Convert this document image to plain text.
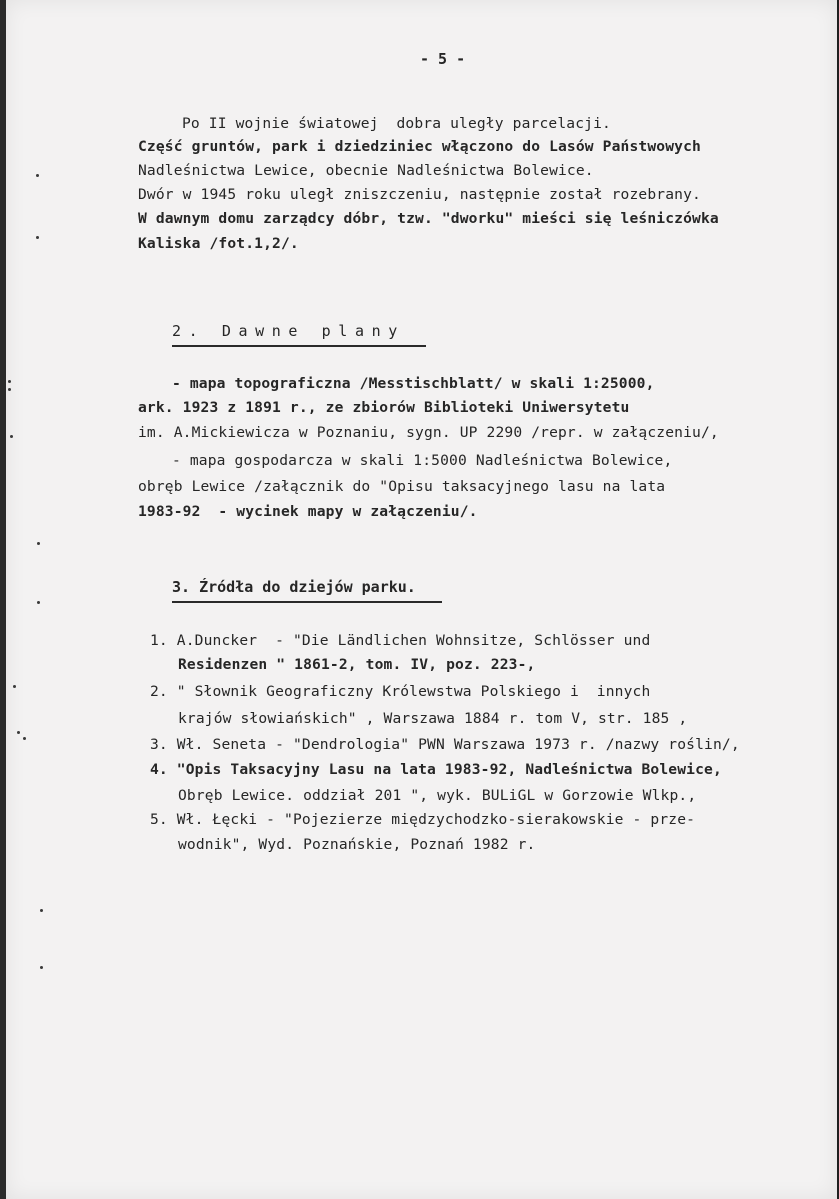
- 5 -
Po II wojnie światowej  dobra uległy parcelacji.
Część gruntów, park i dziedziniec włączono do Lasów Państwowych
Nadleśnictwa Lewice, obecnie Nadleśnictwa Bolewice.
Dwór w 1945 roku uległ zniszczeniu, następnie został rozebrany.
W dawnym domu zarządcy dóbr, tzw. "dworku" mieści się leśniczówka
Kaliska /fot.1,2/.
2. Dawne plany
- mapa topograficzna /Messtischblatt/ w skali 1:25000,
ark. 1923 z 1891 r., ze zbiorów Biblioteki Uniwersytetu
im. A.Mickiewicza w Poznaniu, sygn. UP 2290 /repr. w załączeniu/,
- mapa gospodarcza w skali 1:5000 Nadleśnictwa Bolewice,
obręb Lewice /załącznik do "Opisu taksacyjnego lasu na lata
1983-92  - wycinek mapy w załączeniu/.
3. Źródła do dziejów parku.
1. A.Duncker  - "Die Ländlichen Wohnsitze, Schlösser und
Residenzen " 1861-2, tom. IV, poz. 223-,
2. " Słownik Geograficzny Królewstwa Polskiego i  innych
krajów słowiańskich" , Warszawa 1884 r. tom V, str. 185 ,
3. Wł. Seneta - "Dendrologia" PWN Warszawa 1973 r. /nazwy roślin/,
4. "Opis Taksacyjny Lasu na lata 1983-92, Nadleśnictwa Bolewice,
Obręb Lewice. oddział 201 ", wyk. BULiGL w Gorzowie Wlkp.,
5. Wł. Łęcki - "Pojezierze międzychodzko-sierakowskie - prze-
wodnik", Wyd. Poznańskie, Poznań 1982 r.
